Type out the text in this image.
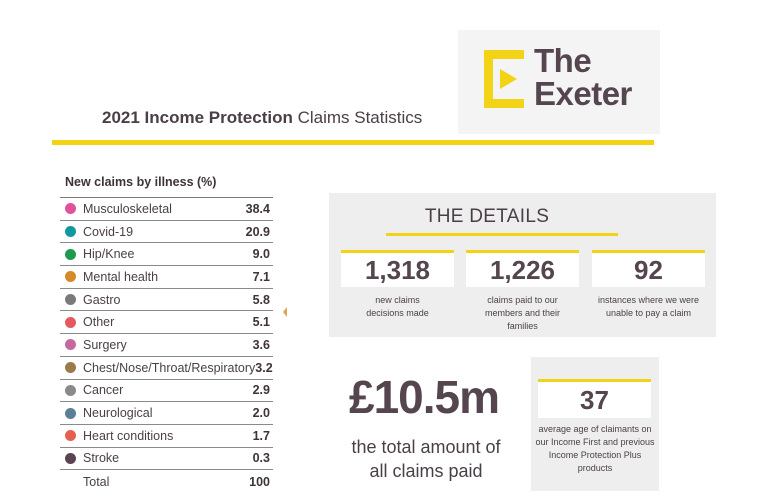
The
Exeter
2021 Income Protection Claims Statistics
New claims by illness (%)
Musculoskeletal	38.4
Covid-19	20.9
Hip/Knee	9.0
Mental health	7.1
Gastro	5.8
Other	5.1
Surgery	3.6
Chest/Nose/Throat/Respiratory 3.2
Cancer	2.9
Neurological	2.0
Heart conditions	1.7
Stroke	0.3
Total	100
THE DETAILS
1,318
new claims decisions made
1,226
claims paid to our members and their families
92
instances where we were unable to pay a claim
£10.5m
the total amount of all claims paid
37
average age of claimants on our Income First and previous Income Protection Plus products
